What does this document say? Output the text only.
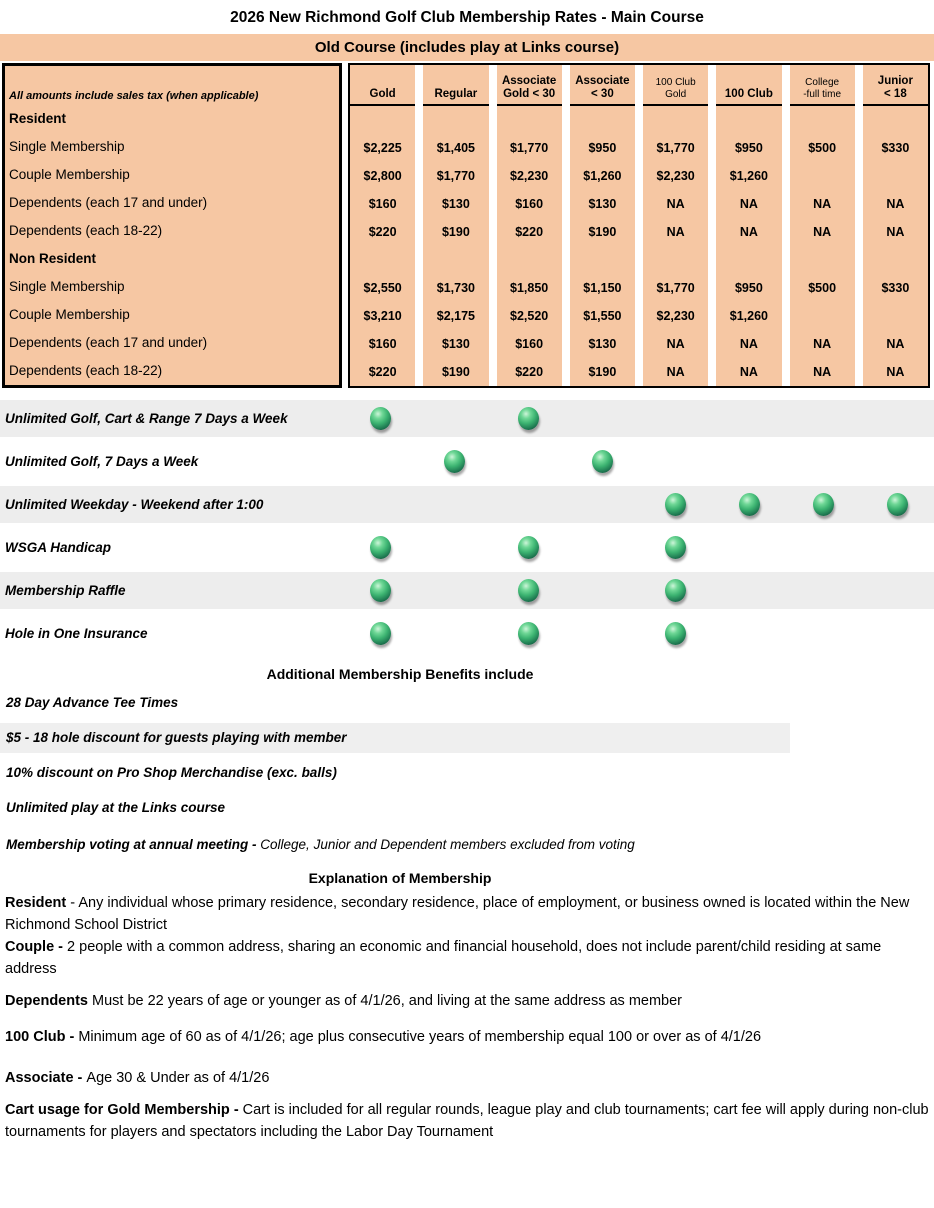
2026 New Richmond Golf Club Membership Rates - Main Course
Old Course (includes play at Links course)
All amounts include sales tax (when applicable)
Resident
Single Membership
Couple Membership
Dependents (each 17 and under)
Dependents (each 18-22)
Non Resident
Single Membership
Couple Membership
Dependents (each 17 and under)
Dependents (each 18-22)
Gold
$2,225
$2,800
$160
$220
$2,550
$3,210
$160
$220
Regular
$1,405
$1,770
$130
$190
$1,730
$2,175
$130
$190
Associate
Gold < 30
$1,770
$2,230
$160
$220
$1,850
$2,520
$160
$220
Associate
< 30
$950
$1,260
$130
$190
$1,150
$1,550
$130
$190
100 Club
Gold
$1,770
$2,230
NA
NA
$1,770
$2,230
NA
NA
100 Club
$950
$1,260
NA
NA
$950
$1,260
NA
NA
College
-full time
$500
NA
NA
$500
NA
NA
Junior
< 18
$330
NA
NA
$330
NA
NA
Unlimited Golf, Cart & Range 7 Days a Week
Unlimited Golf, 7 Days a Week
Unlimited Weekday - Weekend after 1:00
WSGA Handicap
Membership Raffle
Hole in One Insurance
Additional Membership Benefits include
28 Day Advance Tee Times
$5 - 18 hole discount for guests playing with member
10% discount on Pro Shop Merchandise (exc. balls)
Unlimited play at the Links course
Membership voting at annual meeting - College, Junior and Dependent members excluded from voting
Explanation of Membership

Resident - Any individual whose primary residence, secondary residence, place of employment, or business owned is located within the New Richmond School District

Couple - 2 people with a common address, sharing an economic and financial household, does not include parent/child residing at same address

Dependents Must be 22 years of age or younger as of 4/1/26, and living at the same address as member

100 Club - Minimum age of 60 as of 4/1/26; age plus consecutive years of membership equal 100 or over as of 4/1/26

Associate - Age 30 & Under as of 4/1/26

Cart usage for Gold Membership - Cart is included for all regular rounds, league play and club tournaments; cart fee will apply during non-club tournaments for players and spectators including the Labor Day Tournament
